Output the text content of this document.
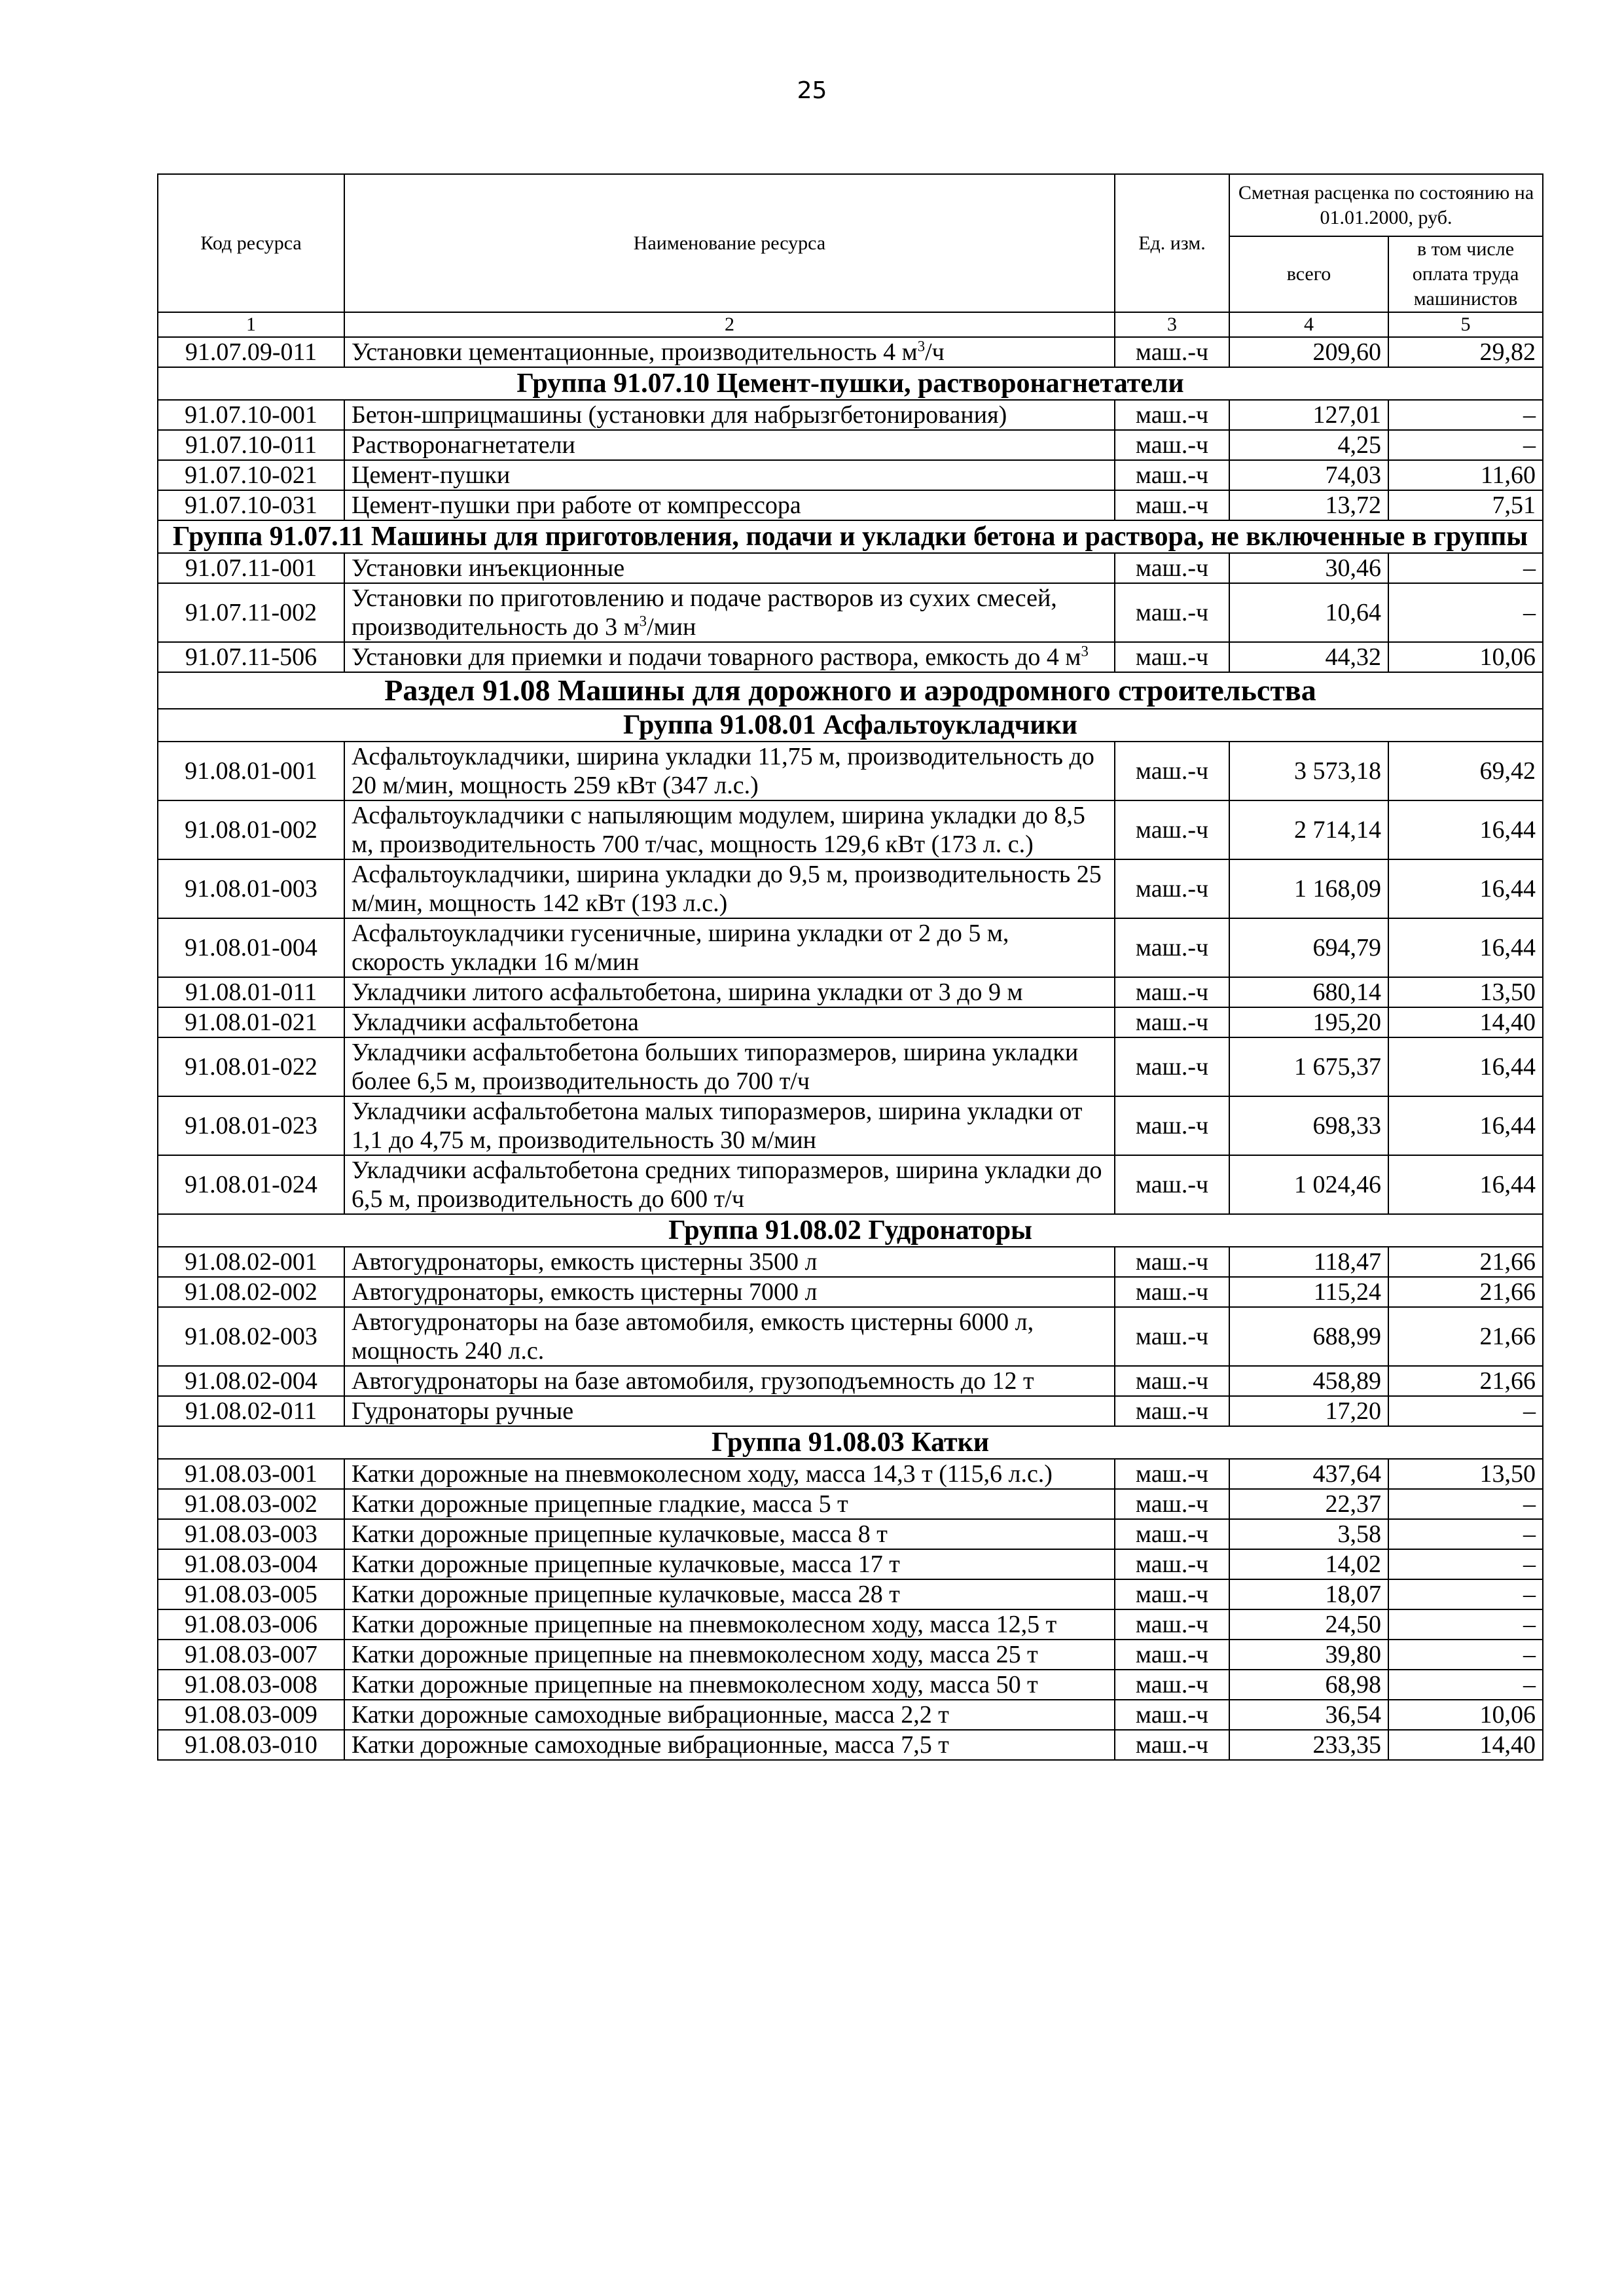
25
Код ресурса	Наименование ресурса	Ед. изм.	Сметная расценка по состоянию на 01.01.2000, руб.	
			всего	в том числе оплата труда машинистов
1	2	3	4	5
91.07.09-011	Установки цементационные, производительность 4 $м^3/ч$	маш.-ч	209,60	29,82
Группа 91.07.10 Цемент-пушки, растворонагнетатели				
91.07.10-001	Бетон-шприцмашины (установки для набрызгбетонирования)	маш.-ч	127,01	–
91.07.10-011	Растворонагнетатели	маш.-ч	4,25	–
91.07.10-021	Цемент-пушки	маш.-ч	74,03	11,60
91.07.10-031	Цемент-пушки при работе от компрессора	маш.-ч	13,72	7,51
Группа 91.07.11 Машины для приготовления, подачи и укладки бетона и раствора, не включенные в группы				
91.07.11-001	Установки инъекционные	маш.-ч	30,46	–
91.07.11-002	Установки по приготовлению и подаче растворов из сухих смесей, производительность до 3 $м^3$/мин	маш.-ч	10,64	–
91.07.11-506	Установки для приемки и подачи товарного раствора, емкость до 4 $м^3$	маш.-ч	44,32	10,06
Раздел 91.08 Машины для дорожного и аэродромного строительства				
Группа 91.08.01 Асфальтоукладчики				
91.08.01-001	Асфальтоукладчики, ширина укладки 11,75 м, производительность до 20 м/мин, мощность 259 кВт (347 л.с.)	маш.-ч	3 573,18	69,42
91.08.01-002	Асфальтоукладчики с напыляющим модулем, ширина укладки до 8,5 м, производительность 700 т/час, мощность 129,6 кВт (173 л. с.)	маш.-ч	2 714,14	16,44
91.08.01-003	Асфальтоукладчики, ширина укладки до 9,5 м, производительность 25 м/мин, мощность 142 кВт (193 л.с.)	маш.-ч	1 168,09	16,44
91.08.01-004	Асфальтоукладчики гусеничные, ширина укладки от 2 до 5 м, скорость укладки 16 м/мин	маш.-ч	694,79	16,44
91.08.01-011	Укладчики литого асфальтобетона, ширина укладки от 3 до 9 м	маш.-ч	680,14	13,50
91.08.01-021	Укладчики асфальтобетона	маш.-ч	195,20	14,40
91.08.01-022	Укладчики асфальтобетона больших типоразмеров, ширина укладки более 6,5 м, производительность до 700 т/ч	маш.-ч	1 675,37	16,44
91.08.01-023	Укладчики асфальтобетона малых типоразмеров, ширина укладки от 1,1 до 4,75 м, производительность 30 м/мин	маш.-ч	698,33	16,44
91.08.01-024	Укладчики асфальтобетона средних типоразмеров, ширина укладки до 6,5 м, производительность до 600 т/ч	маш.-ч	1 024,46	16,44
Группа 91.08.02 Гудронаторы				
91.08.02-001	Автогудронаторы, емкость цистерны 3500 л	маш.-ч	118,47	21,66
91.08.02-002	Автогудронаторы, емкость цистерны 7000 л	маш.-ч	115,24	21,66
91.08.02-003	Автогудронаторы на базе автомобиля, емкость цистерны 6000 л, мощность 240 л.с.	маш.-ч	688,99	21,66
91.08.02-004	Автогудронаторы на базе автомобиля, грузоподъемность до 12 т	маш.-ч	458,89	21,66
91.08.02-011	Гудронаторы ручные	маш.-ч	17,20	–
Группа 91.08.03 Катки				
91.08.03-001	Катки дорожные на пневмоколесном ходу, масса 14,3 т (115,6 л.с.)	маш.-ч	437,64	13,50
91.08.03-002	Катки дорожные прицепные гладкие, масса 5 т	маш.-ч	22,37	–
91.08.03-003	Катки дорожные прицепные кулачковые, масса 8 т	маш.-ч	3,58	–
91.08.03-004	Катки дорожные прицепные кулачковые, масса 17 т	маш.-ч	14,02	–
91.08.03-005	Катки дорожные прицепные кулачковые, масса 28 т	маш.-ч	18,07	–
91.08.03-006	Катки дорожные прицепные на пневмоколесном ходу, масса 12,5 т	маш.-ч	24,50	–
91.08.03-007	Катки дорожные прицепные на пневмоколесном ходу, масса 25 т	маш.-ч	39,80	–
91.08.03-008	Катки дорожные прицепные на пневмоколесном ходу, масса 50 т	маш.-ч	68,98	–
91.08.03-009	Катки дорожные самоходные вибрационные, масса 2,2 т	маш.-ч	36,54	10,06
91.08.03-010	Катки дорожные самоходные вибрационные, масса 7,5 т	маш.-ч	233,35	14,40
